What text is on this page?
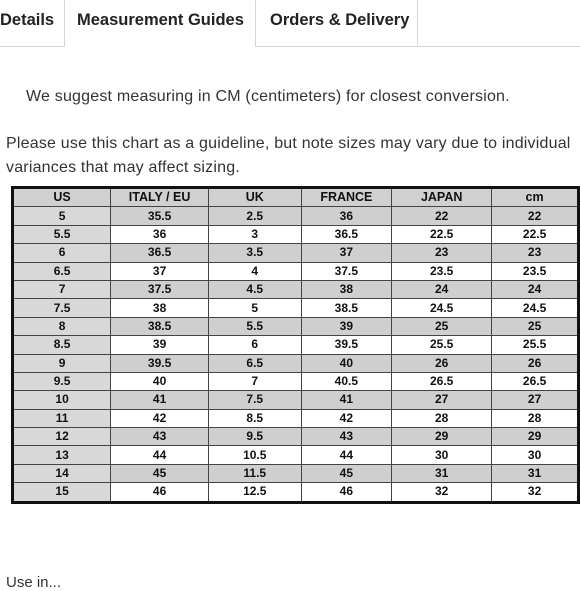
Details	Measurement Guides	Orders & Delivery
We suggest measuring in CM (centimeters) for closest conversion.
Please use this chart as a guideline, but note sizes may vary due to individual variances that may affect sizing.
US	ITALY / EU	UK	FRANCE	JAPAN	cm
5	35.5	2.5	36	22	22
5.5	36	3	36.5	22.5	22.5
6	36.5	3.5	37	23	23
6.5	37	4	37.5	23.5	23.5
7	37.5	4.5	38	24	24
7.5	38	5	38.5	24.5	24.5
8	38.5	5.5	39	25	25
8.5	39	6	39.5	25.5	25.5
9	39.5	6.5	40	26	26
9.5	40	7	40.5	26.5	26.5
10	41	7.5	41	27	27
11	42	8.5	42	28	28
12	43	9.5	43	29	29
13	44	10.5	44	30	30
14	45	11.5	45	31	31
15	46	12.5	46	32	32
Use in...
